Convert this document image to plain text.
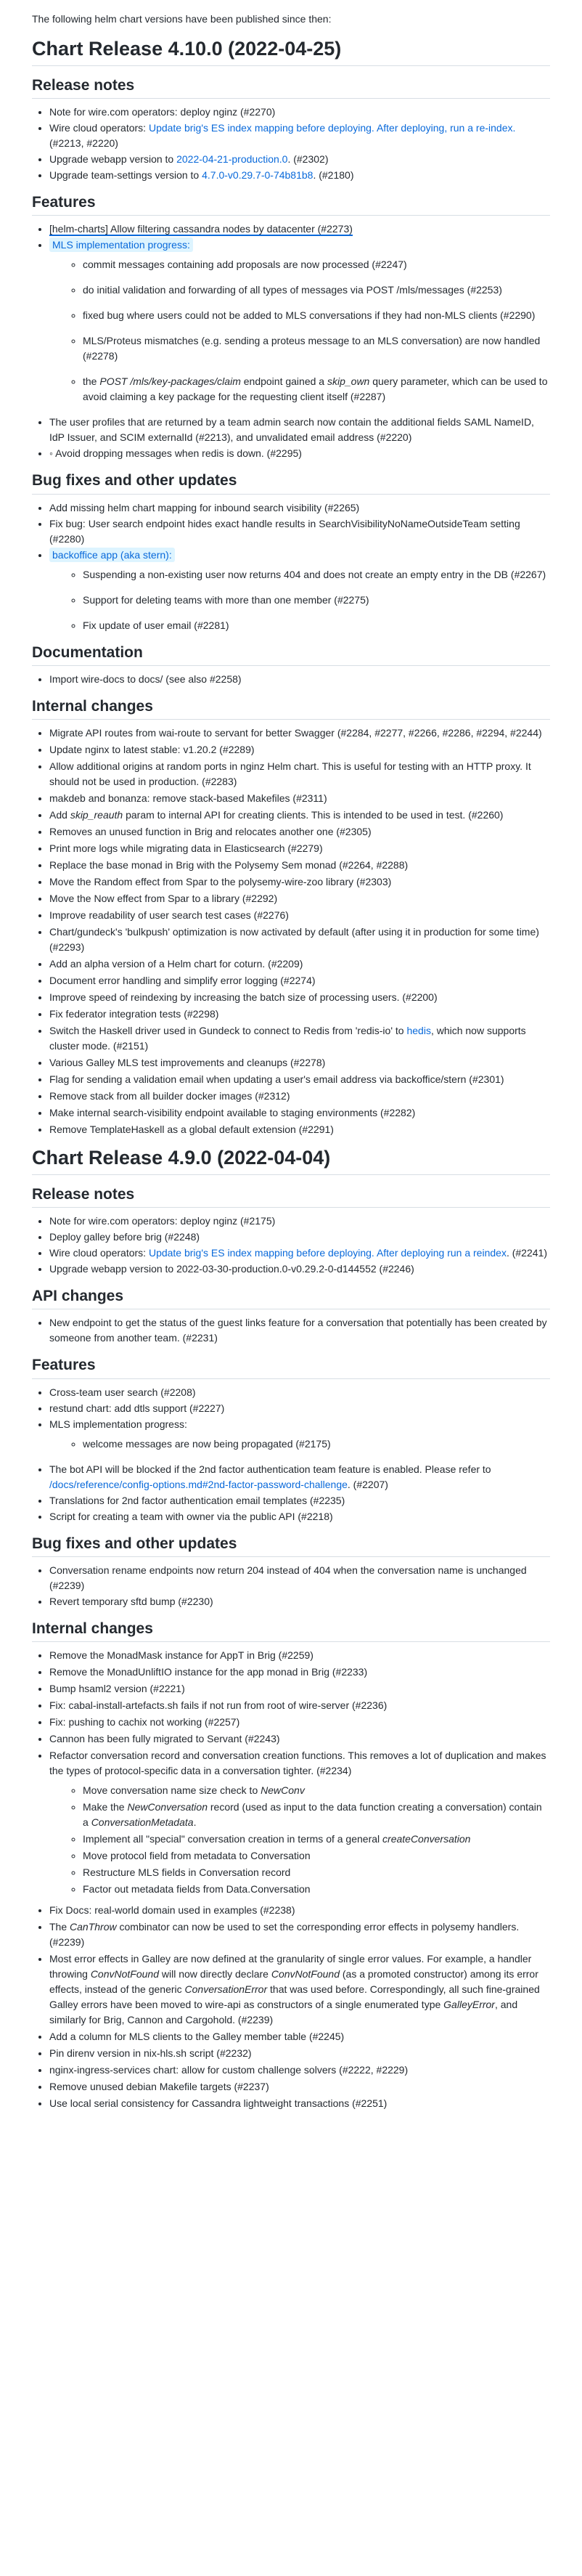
The following helm chart versions have been published since then:

Chart Release 4.10.0 (2022-04-25)
Release notes
• Note for wire.com operators: deploy nginz (#2270)
• Wire cloud operators: Update brig's ES index mapping before deploying. After deploying, run a re-index. (#2213, #2220)
• Upgrade webapp version to 2022-04-21-production.0. (#2302)
• Upgrade team-settings version to 4.7.0-v0.29.7-0-74b81b8. (#2180)
Features
• [helm-charts] Allow filtering cassandra nodes by datacenter (#2273)
• MLS implementation progress:
◦ commit messages containing add proposals are now processed (#2247)
◦ do initial validation and forwarding of all types of messages via POST /mls/messages (#2253)
◦ fixed bug where users could not be added to MLS conversations if they had non-MLS clients (#2290)
◦ MLS/Proteus mismatches (e.g. sending a proteus message to an MLS conversation) are now handled (#2278)
◦ the POST /mls/key-packages/claim endpoint gained a skip_own query parameter, which can be used to avoid claiming a key package for the requesting client itself (#2287)
• The user profiles that are returned by a team admin search now contain the additional fields SAML NameID, IdP Issuer, and SCIM externalId (#2213), and unvalidated email address (#2220)
• ◦ Avoid dropping messages when redis is down. (#2295)
Bug fixes and other updates
• Add missing helm chart mapping for inbound search visibility (#2265)
• Fix bug: User search endpoint hides exact handle results in SearchVisibilityNoNameOutsideTeam setting (#2280)
• backoffice app (aka stern):
◦ Suspending a non-existing user now returns 404 and does not create an empty entry in the DB (#2267)
◦ Support for deleting teams with more than one member (#2275)
◦ Fix update of user email (#2281)
Documentation
• Import wire-docs to docs/ (see also #2258)
Internal changes
• Migrate API routes from wai-route to servant for better Swagger (#2284, #2277, #2266, #2286, #2294, #2244)
• Update nginx to latest stable: v1.20.2 (#2289)
• Allow additional origins at random ports in nginz Helm chart. This is useful for testing with an HTTP proxy. It should not be used in production. (#2283)
• makdeb and bonanza: remove stack-based Makefiles (#2311)
• Add skip_reauth param to internal API for creating clients. This is intended to be used in test. (#2260)
• Removes an unused function in Brig and relocates another one (#2305)
• Print more logs while migrating data in Elasticsearch (#2279)
• Replace the base monad in Brig with the Polysemy Sem monad (#2264, #2288)
• Move the Random effect from Spar to the polysemy-wire-zoo library (#2303)
• Move the Now effect from Spar to a library (#2292)
• Improve readability of user search test cases (#2276)
• Chart/gundeck's 'bulkpush' optimization is now activated by default (after using it in production for some time) (#2293)
• Add an alpha version of a Helm chart for coturn. (#2209)
• Document error handling and simplify error logging (#2274)
• Improve speed of reindexing by increasing the batch size of processing users. (#2200)
• Fix federator integration tests (#2298)
• Switch the Haskell driver used in Gundeck to connect to Redis from 'redis-io' to hedis, which now supports cluster mode. (#2151)
• Various Galley MLS test improvements and cleanups (#2278)
• Flag for sending a validation email when updating a user's email address via backoffice/stern (#2301)
• Remove stack from all builder docker images (#2312)
• Make internal search-visibility endpoint available to staging environments (#2282)
• Remove TemplateHaskell as a global default extension (#2291)
Chart Release 4.9.0 (2022-04-04)
Release notes
• Note for wire.com operators: deploy nginz (#2175)
• Deploy galley before brig (#2248)
• Wire cloud operators: Update brig's ES index mapping before deploying. After deploying run a reindex. (#2241)
• Upgrade webapp version to 2022-03-30-production.0-v0.29.2-0-d144552 (#2246)
API changes
• New endpoint to get the status of the guest links feature for a conversation that potentially has been created by someone from another team. (#2231)
Features
• Cross-team user search (#2208)
• restund chart: add dtls support (#2227)
• MLS implementation progress:
◦ welcome messages are now being propagated (#2175)
• The bot API will be blocked if the 2nd factor authentication team feature is enabled. Please refer to /docs/reference/config-options.md#2nd-factor-password-challenge. (#2207)
• Translations for 2nd factor authentication email templates (#2235)
• Script for creating a team with owner via the public API (#2218)
Bug fixes and other updates
• Conversation rename endpoints now return 204 instead of 404 when the conversation name is unchanged (#2239)
• Revert temporary sftd bump (#2230)
Internal changes
• Remove the MonadMask instance for AppT in Brig (#2259)
• Remove the MonadUnliftIO instance for the app monad in Brig (#2233)
• Bump hsaml2 version (#2221)
• Fix: cabal-install-artefacts.sh fails if not run from root of wire-server (#2236)
• Fix: pushing to cachix not working (#2257)
• Cannon has been fully migrated to Servant (#2243)
• Refactor conversation record and conversation creation functions. This removes a lot of duplication and makes the types of protocol-specific data in a conversation tighter. (#2234)
◦ Move conversation name size check to NewConv
◦ Make the NewConversation record (used as input to the data function creating a conversation) contain a ConversationMetadata.
◦ Implement all "special" conversation creation in terms of a general createConversation
◦ Move protocol field from metadata to Conversation
◦ Restructure MLS fields in Conversation record
◦ Factor out metadata fields from Data.Conversation
• Fix Docs: real-world domain used in examples (#2238)
• The CanThrow combinator can now be used to set the corresponding error effects in polysemy handlers. (#2239)
• Most error effects in Galley are now defined at the granularity of single error values. For example, a handler throwing ConvNotFound will now directly declare ConvNotFound (as a promoted constructor) among its error effects, instead of the generic ConversationError that was used before. Correspondingly, all such fine-grained Galley errors have been moved to wire-api as constructors of a single enumerated type GalleyError, and similarly for Brig, Cannon and Cargohold. (#2239)
• Add a column for MLS clients to the Galley member table (#2245)
• Pin direnv version in nix-hls.sh script (#2232)
• nginx-ingress-services chart: allow for custom challenge solvers (#2222, #2229)
• Remove unused debian Makefile targets (#2237)
• Use local serial consistency for Cassandra lightweight transactions (#2251)
